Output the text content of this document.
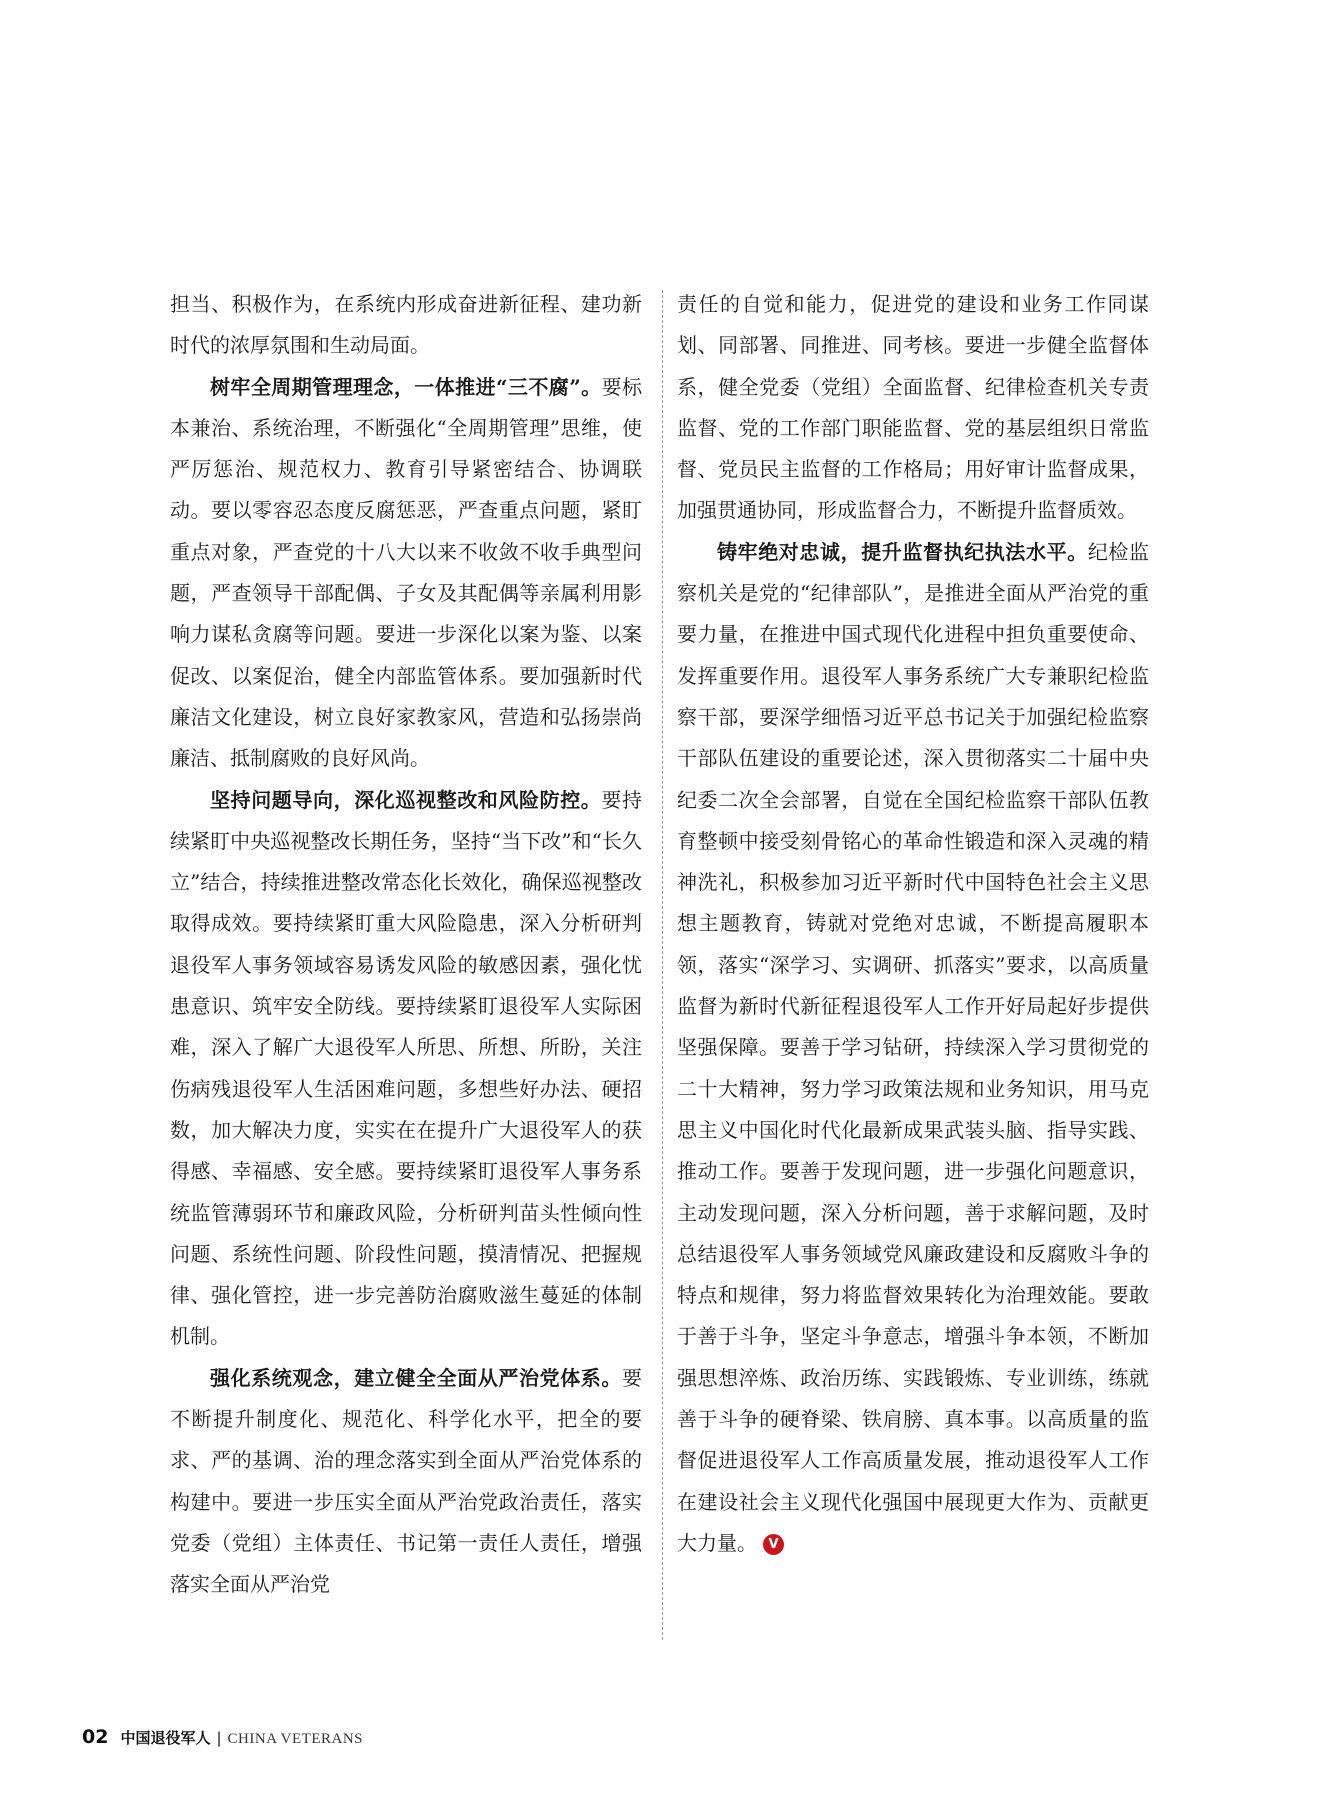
担当、积极作为，在系统内形成奋进新征程、建功新时代的浓厚氛围和生动局面。

树牢全周期管理理念，一体推进“三不腐”。要标本兼治、系统治理，不断强化“全周期管理”思维，使严厉惩治、规范权力、教育引导紧密结合、协调联动。要以零容忍态度反腐惩恶，严查重点问题，紧盯重点对象，严查党的十八大以来不收敛不收手典型问题，严查领导干部配偶、子女及其配偶等亲属利用影响力谋私贪腐等问题。要进一步深化以案为鉴、以案促改、以案促治，健全内部监管体系。要加强新时代廉洁文化建设，树立良好家教家风，营造和弘扬崇尚廉洁、抵制腐败的良好风尚。

坚持问题导向，深化巡视整改和风险防控。要持续紧盯中央巡视整改长期任务，坚持“当下改”和“长久立”结合，持续推进整改常态化长效化，确保巡视整改取得成效。要持续紧盯重大风险隐患，深入分析研判退役军人事务领域容易诱发风险的敏感因素，强化忧患意识、筑牢安全防线。要持续紧盯退役军人实际困难，深入了解广大退役军人所思、所想、所盼，关注伤病残退役军人生活困难问题，多想些好办法、硬招数，加大解决力度，实实在在提升广大退役军人的获得感、幸福感、安全感。要持续紧盯退役军人事务系统监管薄弱环节和廉政风险，分析研判苗头性倾向性问题、系统性问题、阶段性问题，摸清情况、把握规律、强化管控，进一步完善防治腐败滋生蔓延的体制机制。

强化系统观念，建立健全全面从严治党体系。要不断提升制度化、规范化、科学化水平，把全的要求、严的基调、治的理念落实到全面从严治党体系的构建中。要进一步压实全面从严治党政治责任，落实党委（党组）主体责任、书记第一责任人责任，增强落实全面从严治党

责任的自觉和能力，促进党的建设和业务工作同谋划、同部署、同推进、同考核。要进一步健全监督体系，健全党委（党组）全面监督、纪律检查机关专责监督、党的工作部门职能监督、党的基层组织日常监督、党员民主监督的工作格局；用好审计监督成果，加强贯通协同，形成监督合力，不断提升监督质效。

铸牢绝对忠诚，提升监督执纪执法水平。纪检监察机关是党的“纪律部队”，是推进全面从严治党的重要力量，在推进中国式现代化进程中担负重要使命、发挥重要作用。退役军人事务系统广大专兼职纪检监察干部，要深学细悟习近平总书记关于加强纪检监察干部队伍建设的重要论述，深入贯彻落实二十届中央纪委二次全会部署，自觉在全国纪检监察干部队伍教育整顿中接受刻骨铭心的革命性锻造和深入灵魂的精神洗礼，积极参加习近平新时代中国特色社会主义思想主题教育，铸就对党绝对忠诚，不断提高履职本领，落实“深学习、实调研、抓落实”要求，以高质量监督为新时代新征程退役军人工作开好局起好步提供坚强保障。要善于学习钻研，持续深入学习贯彻党的二十大精神，努力学习政策法规和业务知识，用马克思主义中国化时代化最新成果武装头脑、指导实践、推动工作。要善于发现问题，进一步强化问题意识，主动发现问题，深入分析问题，善于求解问题，及时总结退役军人事务领域党风廉政建设和反腐败斗争的特点和规律，努力将监督效果转化为治理效能。要敢于善于斗争，坚定斗争意志，增强斗争本领，不断加强思想淬炼、政治历练、实践锻炼、专业训练，练就善于斗争的硬脊梁、铁肩膀、真本事。以高质量的监督促进退役军人工作高质量发展，推动退役军人工作在建设社会主义现代化强国中展现更大作为、贡献更大力量。 V

02 中国退役军人 | CHINA VETERANS
